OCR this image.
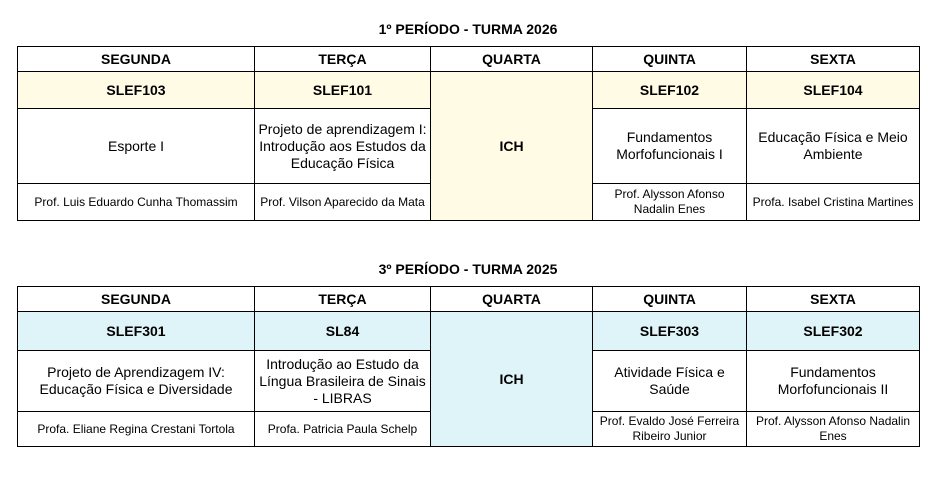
1º PERÍODO - TURMA 2026
SEGUNDA	TERÇA	QUARTA	QUINTA	SEXTA
SLEF103	SLEF101	ICH	SLEF102	SLEF104
Esporte I	Projeto de aprendizagem I: Introdução aos Estudos da Educação Física		Fundamentos Morfofuncionais I	Educação Física e Meio Ambiente
Prof. Luis Eduardo Cunha Thomassim	Prof. Vilson Aparecido da Mata		Prof. Alysson Afonso Nadalin Enes	Profa. Isabel Cristina Martines
3º PERÍODO - TURMA 2025
SEGUNDA	TERÇA	QUARTA	QUINTA	SEXTA
SLEF301	SL84	ICH	SLEF303	SLEF302
Projeto de Aprendizagem IV: Educação Física e Diversidade	Introdução ao Estudo da Língua Brasileira de Sinais - LIBRAS		Atividade Física e Saúde	Fundamentos Morfofuncionais II
Profa. Eliane Regina Crestani Tortola	Profa. Patricia Paula Schelp		Prof. Evaldo José Ferreira Ribeiro Junior	Prof. Alysson Afonso Nadalin Enes
